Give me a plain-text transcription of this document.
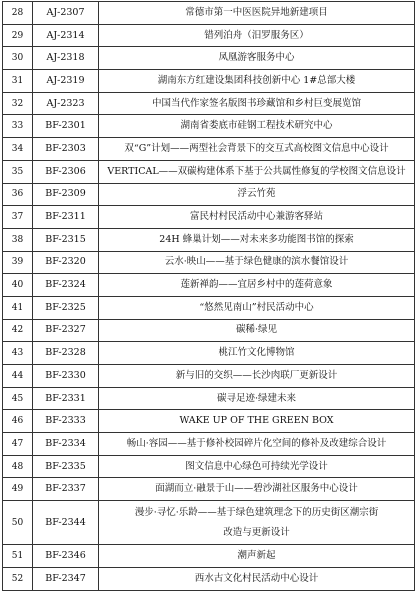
28	AJ-2307	常德市第一中医医院异地新建项目
29	AJ-2314	错列泊舟（汨罗服务区）
30	AJ-2318	凤凰游客服务中心
31	AJ-2319	湖南东方红建设集团科技创新中心 1#总部大楼
32	AJ-2323	中国当代作家签名版图书珍藏馆和乡村巨变展览馆
33	BF-2301	湖南省娄底市硅钢工程技术研究中心
34	BF-2303	双“G”计划——两型社会背景下的交互式高校图文信息中心设计
35	BF-2306	VERTICAL——双碳构建体系下基于公共属性修复的学校图文信息设计
36	BF-2309	浮云竹苑
37	BF-2311	富民村村民活动中心兼游客驿站
38	BF-2315	24H 蜂巢计划——对未来多功能图书馆的探索
39	BF-2320	云水·映山——基于绿色健康的滨水餐馆设计
40	BF-2324	莲新禅韵——宜居乡村中的莲荷意象
41	BF-2325	“悠然见南山”村民活动中心
42	BF-2327	碳稀·绿见
43	BF-2328	桃江竹文化博物馆
44	BF-2330	新与旧的交织——长沙肉联厂更新设计
45	BF-2331	碳寻足迹·绿建未来
46	BF-2333	WAKE UP OF THE GREEN BOX
47	BF-2334	畅山·容园——基于修补校园碎片化空间的修补及改建综合设计
48	BF-2335	图文信息中心绿色可持续光学设计
49	BF-2337	面湖而立·融景于山——碧沙湖社区服务中心设计
50	BF-2344	漫步·寻忆·乐龄——基于绿色建筑理念下的历史街区潮宗街
改造与更新设计

51	BF-2346	潮声新起
52	BF-2347	西水古文化村民活动中心设计
